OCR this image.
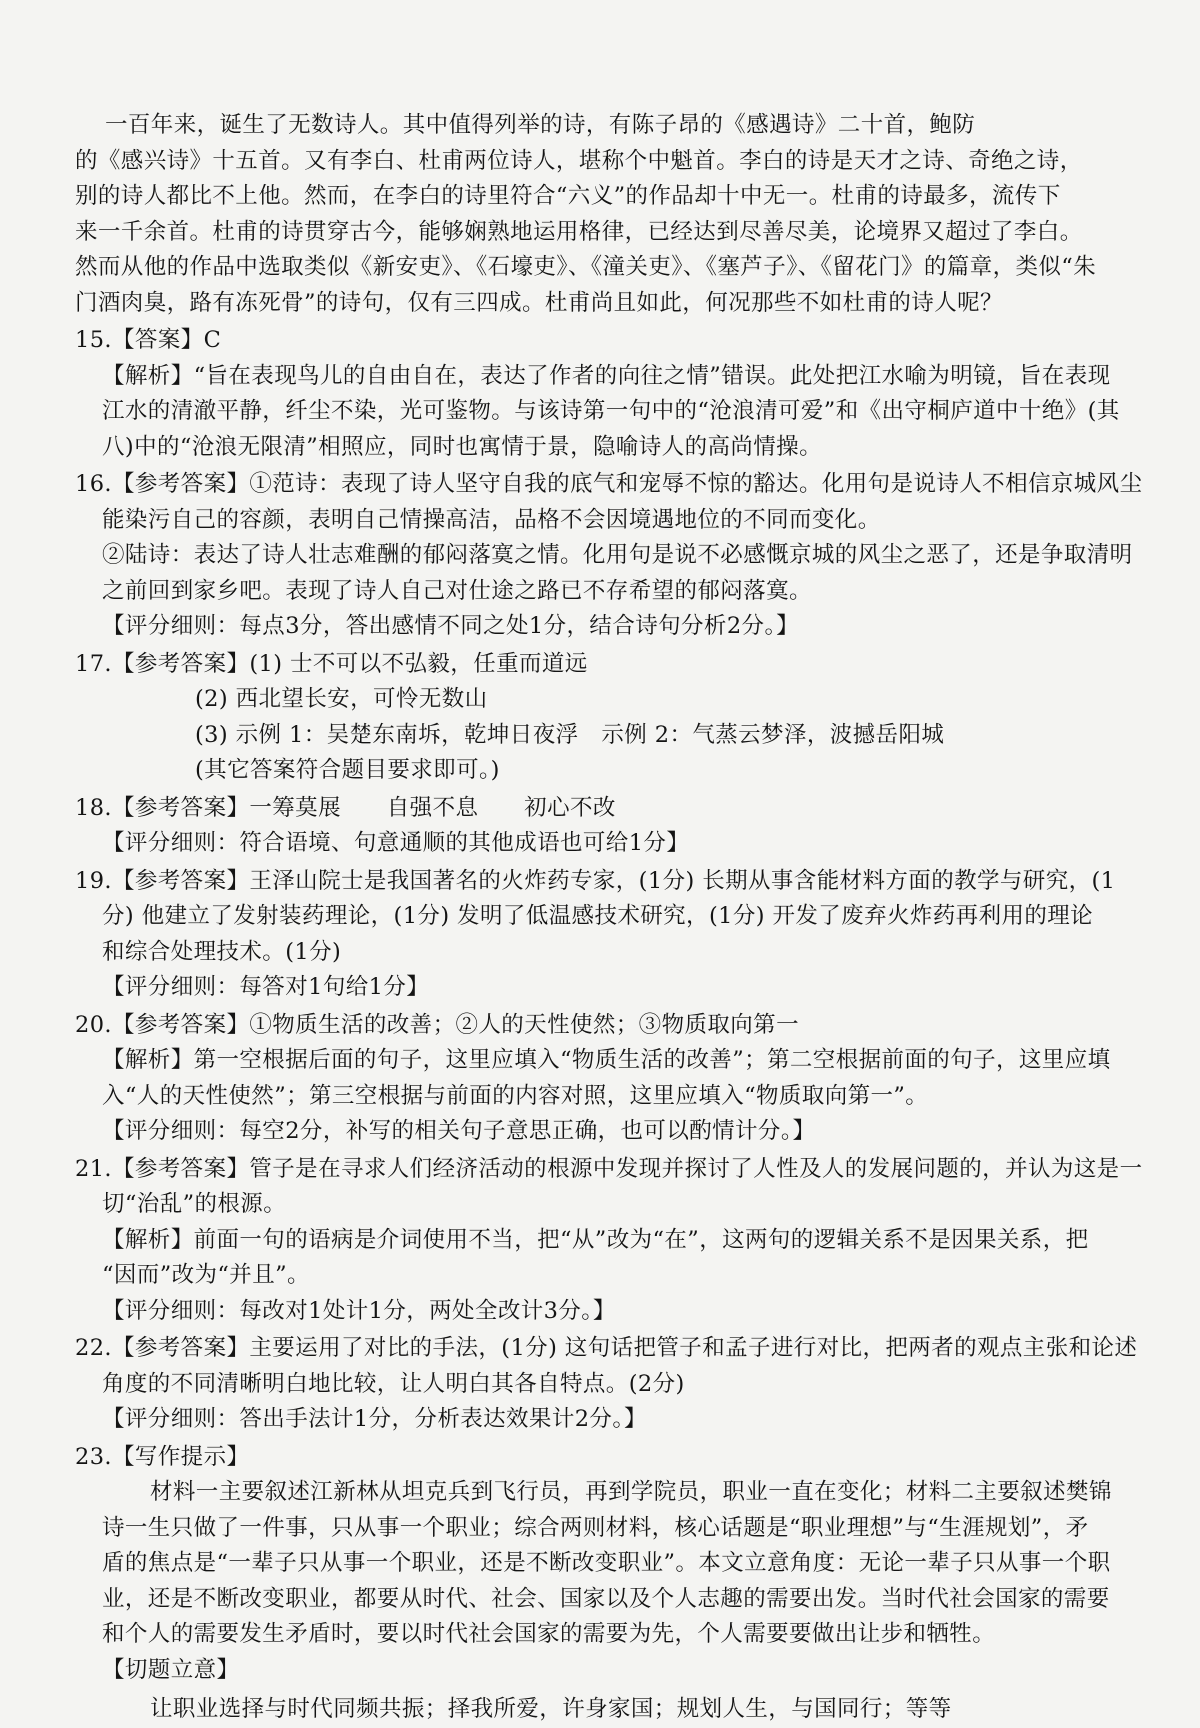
一百年来，诞生了无数诗人。其中值得列举的诗，有陈子昂的《感遇诗》二十首，鲍防

的《感兴诗》十五首。又有李白、杜甫两位诗人，堪称个中魁首。李白的诗是天才之诗、奇绝之诗，

别的诗人都比不上他。然而，在李白的诗里符合“六义”的作品却十中无一。杜甫的诗最多，流传下

来一千余首。杜甫的诗贯穿古今，能够娴熟地运用格律，已经达到尽善尽美，论境界又超过了李白。

然而从他的作品中选取类似《新安吏》、《石壕吏》、《潼关吏》、《塞芦子》、《留花门》的篇章，类似“朱

门酒肉臭，路有冻死骨”的诗句，仅有三四成。杜甫尚且如此，何况那些不如杜甫的诗人呢？

15.【答案】C

【解析】“旨在表现鸟儿的自由自在，表达了作者的向往之情”错误。此处把江水喻为明镜，旨在表现

江水的清澈平静，纤尘不染，光可鉴物。与该诗第一句中的“沧浪清可爱”和《出守桐庐道中十绝》(其

八)中的“沧浪无限清”相照应，同时也寓情于景，隐喻诗人的高尚情操。

16.【参考答案】①范诗：表现了诗人坚守自我的底气和宠辱不惊的豁达。化用句是说诗人不相信京城风尘

能染污自己的容颜，表明自己情操高洁，品格不会因境遇地位的不同而变化。

②陆诗：表达了诗人壮志难酬的郁闷落寞之情。化用句是说不必感慨京城的风尘之恶了，还是争取清明

之前回到家乡吧。表现了诗人自己对仕途之路已不存希望的郁闷落寞。

【评分细则：每点3分，答出感情不同之处1分，结合诗句分析2分。】

17.【参考答案】(1) 士不可以不弘毅，任重而道远

(2) 西北望长安，可怜无数山

(3) 示例 1：吴楚东南坼，乾坤日夜浮　示例 2：气蒸云梦泽，波撼岳阳城

(其它答案符合题目要求即可。)

18.【参考答案】一筹莫展　　自强不息　　初心不改

【评分细则：符合语境、句意通顺的其他成语也可给1分】

19.【参考答案】王泽山院士是我国著名的火炸药专家，(1分) 长期从事含能材料方面的教学与研究，(1

分) 他建立了发射装药理论，(1分) 发明了低温感技术研究，(1分) 开发了废弃火炸药再利用的理论

和综合处理技术。(1分)

【评分细则：每答对1句给1分】

20.【参考答案】①物质生活的改善；②人的天性使然；③物质取向第一

【解析】第一空根据后面的句子，这里应填入“物质生活的改善”；第二空根据前面的句子，这里应填

入“人的天性使然”；第三空根据与前面的内容对照，这里应填入“物质取向第一”。

【评分细则：每空2分，补写的相关句子意思正确，也可以酌情计分。】

21.【参考答案】管子是在寻求人们经济活动的根源中发现并探讨了人性及人的发展问题的，并认为这是一

切“治乱”的根源。

【解析】前面一句的语病是介词使用不当，把“从”改为“在”，这两句的逻辑关系不是因果关系，把

“因而”改为“并且”。

【评分细则：每改对1处计1分，两处全改计3分。】

22.【参考答案】主要运用了对比的手法，(1分) 这句话把管子和孟子进行对比，把两者的观点主张和论述

角度的不同清晰明白地比较，让人明白其各自特点。(2分)

【评分细则：答出手法计1分，分析表达效果计2分。】

23.【写作提示】

材料一主要叙述江新林从坦克兵到飞行员，再到学院员，职业一直在变化；材料二主要叙述樊锦

诗一生只做了一件事，只从事一个职业；综合两则材料，核心话题是“职业理想”与“生涯规划”，矛

盾的焦点是“一辈子只从事一个职业，还是不断改变职业”。本文立意角度：无论一辈子只从事一个职

业，还是不断改变职业，都要从时代、社会、国家以及个人志趣的需要出发。当时代社会国家的需要

和个人的需要发生矛盾时，要以时代社会国家的需要为先，个人需要要做出让步和牺牲。

【切题立意】

让职业选择与时代同频共振；择我所爱，许身家国；规划人生，与国同行；等等
